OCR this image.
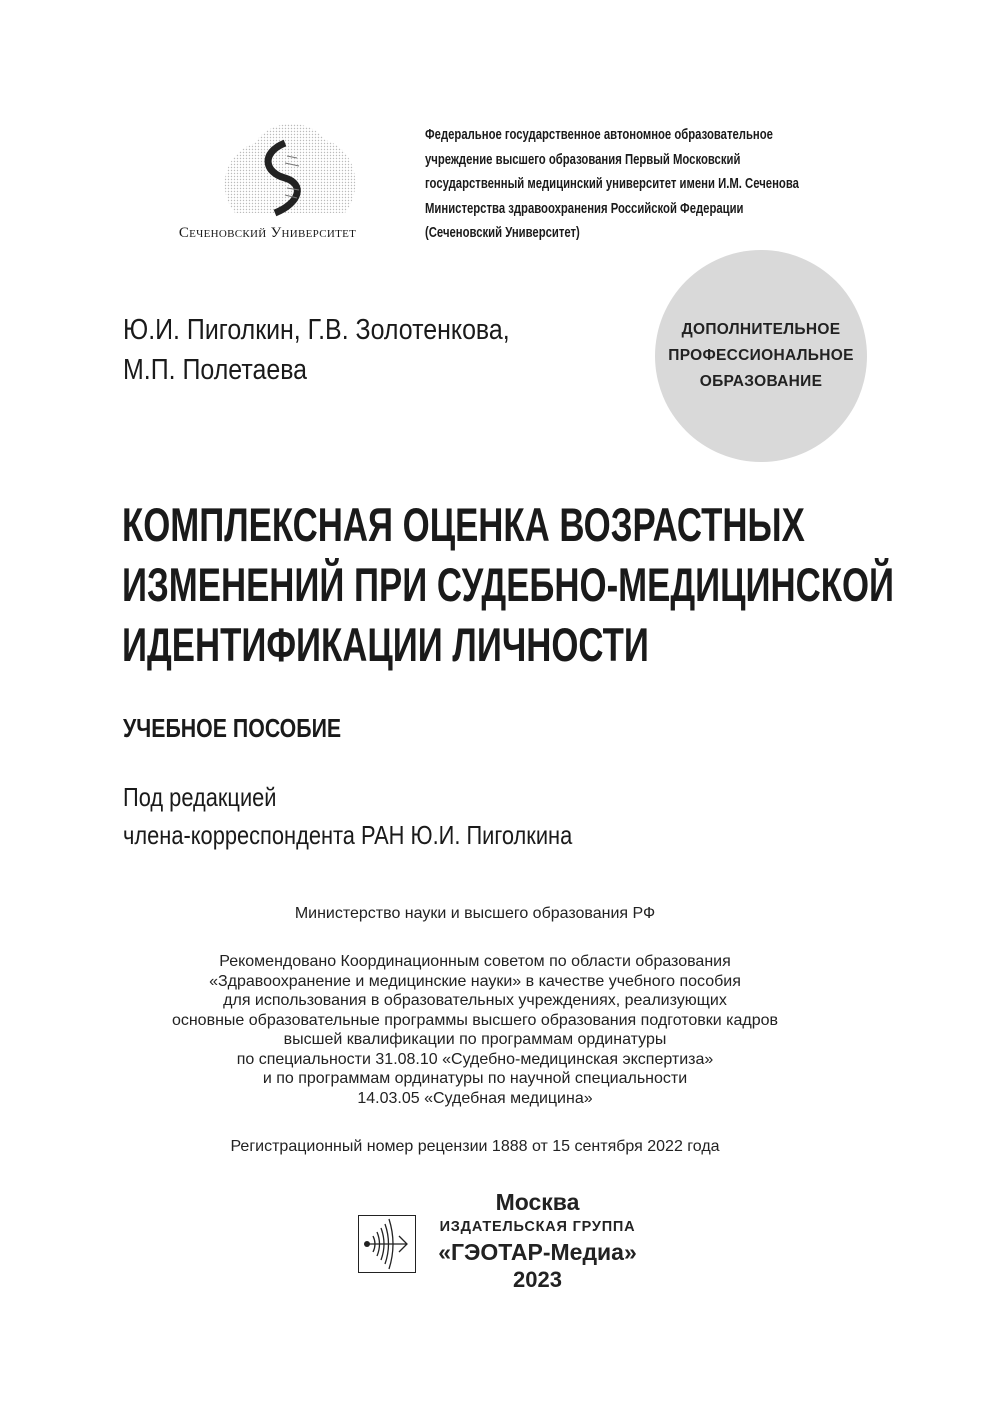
Сеченовский Университет
Федеральное государственное автономное образовательное
учреждение высшего образования Первый Московский
государственный медицинский университет имени И.М. Сеченова
Министерства здравоохранения Российской Федерации
(Сеченовский Университет)
ДОПОЛНИТЕЛЬНОЕ
ПРОФЕССИОНАЛЬНОЕ
ОБРАЗОВАНИЕ
Ю.И. Пиголкин, Г.В. Золотенкова,
М.П. Полетаева
КОМПЛЕКСНАЯ ОЦЕНКА ВОЗРАСТНЫХ
ИЗМЕНЕНИЙ ПРИ СУДЕБНО-МЕДИЦИНСКОЙ
ИДЕНТИФИКАЦИИ ЛИЧНОСТИ
УЧЕБНОЕ ПОСОБИЕ
Под редакцией
члена-корреспондента РАН Ю.И. Пиголкина
Министерство науки и высшего образования РФ
Рекомендовано Координационным советом по области образования
«Здравоохранение и медицинские науки» в качестве учебного пособия
для использования в образовательных учреждениях, реализующих
основные образовательные программы высшего образования подготовки кадров
высшей квалификации по программам ординатуры
по специальности 31.08.10 «Судебно-медицинская экспертиза»
и по программам ординатуры по научной специальности
14.03.05 «Судебная медицина»
Регистрационный номер рецензии 1888 от 15 сентября 2022 года
Москва
ИЗДАТЕЛЬСКАЯ ГРУППА
«ГЭОТАР-Медиа»
2023
